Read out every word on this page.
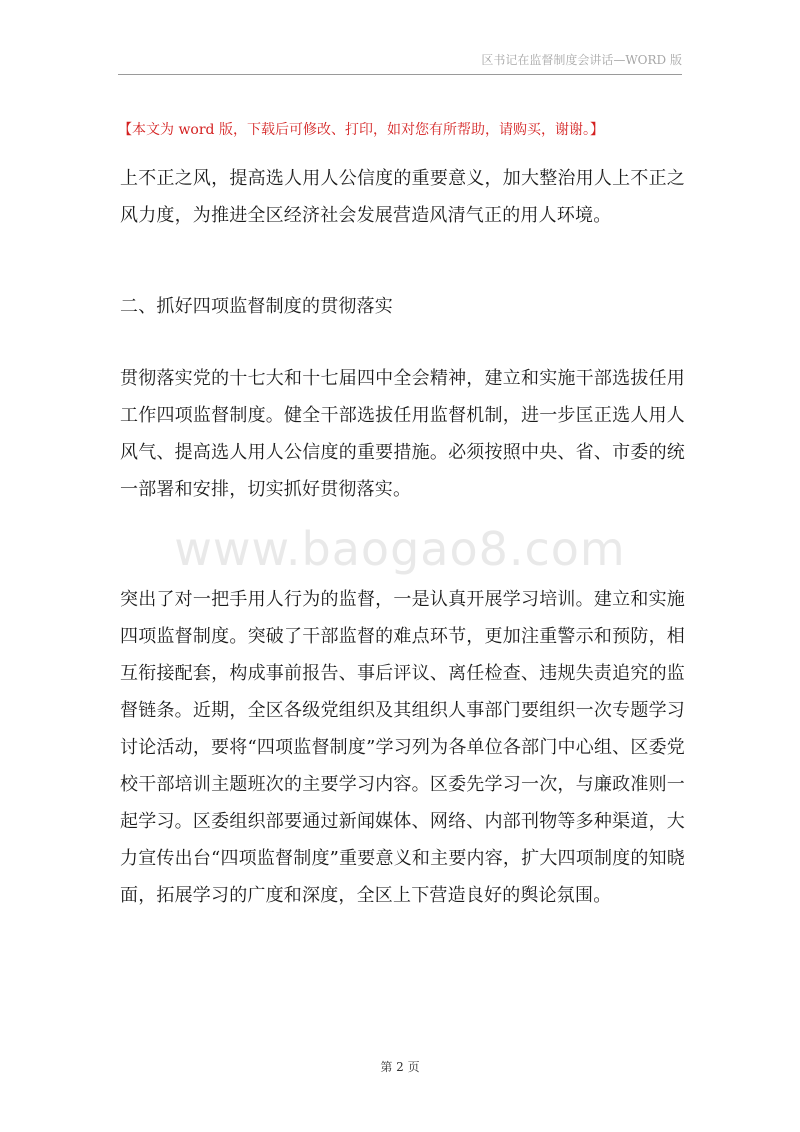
区书记在监督制度会讲话—WORD 版
【本文为 word 版，下载后可修改、打印，如对您有所帮助，请购买，谢谢。】

上不正之风，提高选人用人公信度的重要意义，加大整治用人上不正之风力度，为推进全区经济社会发展营造风清气正的用人环境。

二、抓好四项监督制度的贯彻落实

贯彻落实党的十七大和十七届四中全会精神，建立和实施干部选拔任用工作四项监督制度。健全干部选拔任用监督机制，进一步匡正选人用人风气、提高选人用人公信度的重要措施。必须按照中央、省、市委的统一部署和安排，切实抓好贯彻落实。

www.baogao8.com

突出了对一把手用人行为的监督，一是认真开展学习培训。建立和实施四项监督制度。突破了干部监督的难点环节，更加注重警示和预防，相互衔接配套，构成事前报告、事后评议、离任检查、违规失责追究的监督链条。近期，全区各级党组织及其组织人事部门要组织一次专题学习讨论活动，要将“四项监督制度”学习列为各单位各部门中心组、区委党校干部培训主题班次的主要学习内容。区委先学习一次，与廉政准则一起学习。区委组织部要通过新闻媒体、网络、内部刊物等多种渠道，大力宣传出台“四项监督制度”重要意义和主要内容，扩大四项制度的知晓面，拓展学习的广度和深度，全区上下营造良好的舆论氛围。

第 2 页
